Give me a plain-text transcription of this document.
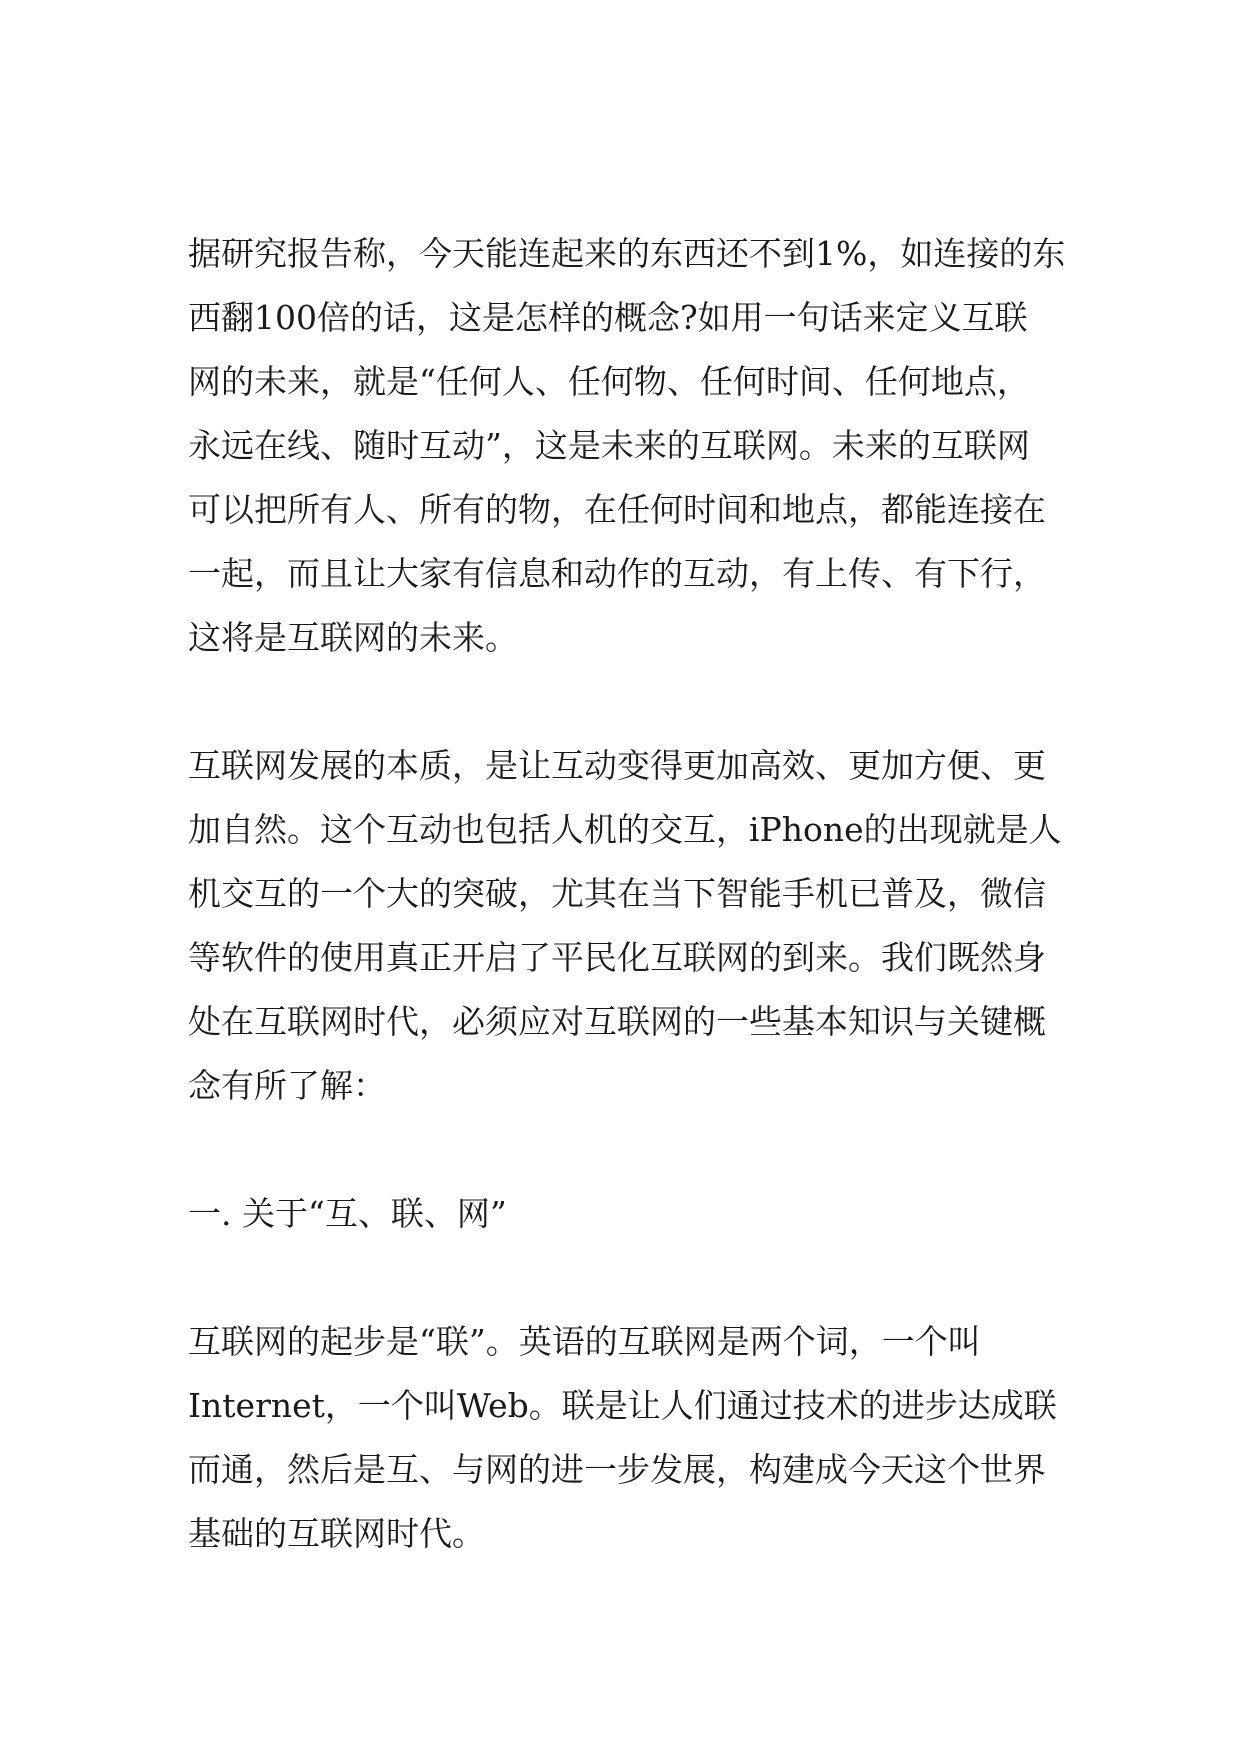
据研究报告称，今天能连起来的东西还不到1%，如连接的东
西翻100倍的话，这是怎样的概念?如用一句话来定义互联
网的未来，就是“任何人、任何物、任何时间、任何地点，
永远在线、随时互动”，这是未来的互联网。未来的互联网
可以把所有人、所有的物，在任何时间和地点，都能连接在
一起，而且让大家有信息和动作的互动，有上传、有下行，
这将是互联网的未来。
互联网发展的本质，是让互动变得更加高效、更加方便、更
加自然。这个互动也包括人机的交互，iPhone的出现就是人
机交互的一个大的突破，尤其在当下智能手机已普及，微信
等软件的使用真正开启了平民化互联网的到来。我们既然身
处在互联网时代，必须应对互联网的一些基本知识与关键概
念有所了解：
一. 关于“互、联、网”
互联网的起步是“联”。英语的互联网是两个词，一个叫
Internet，一个叫Web。联是让人们通过技术的进步达成联
而通，然后是互、与网的进一步发展，构建成今天这个世界
基础的互联网时代。
